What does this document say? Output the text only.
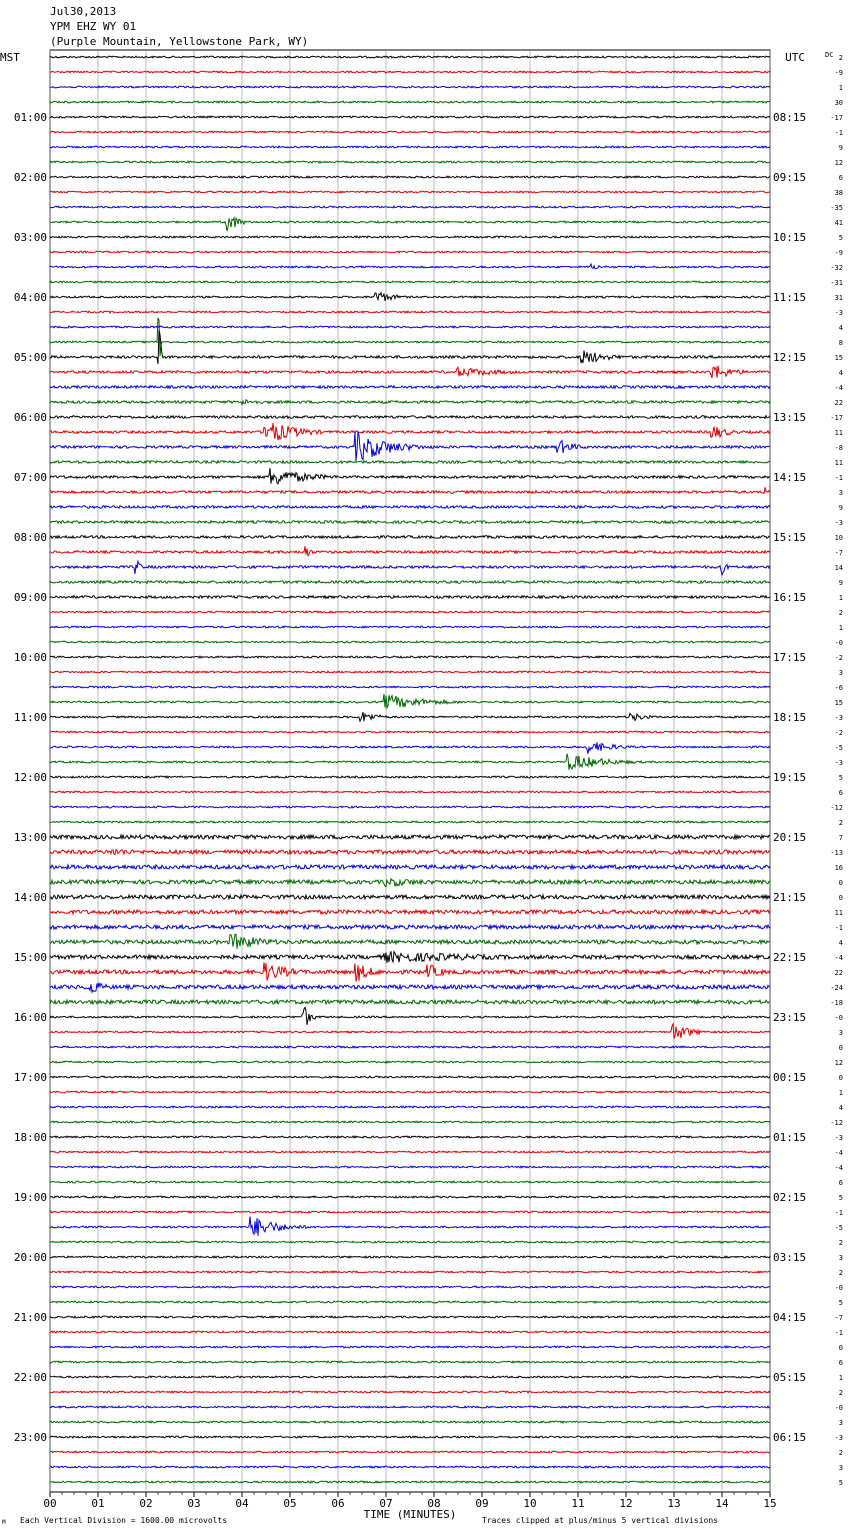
Jul30,2013
YPM EHZ WY 01
(Purple Mountain, Yellowstone Park, WY)
00	01	02	03	04	05	06	07	08	09	10	11	12	13	14	15
TIME (MINUTES)
MST	UTC	DC
01:00
02:00
03:00
04:00
05:00
06:00
07:00
08:00
09:00
10:00
11:00
12:00
13:00
14:00
15:00
16:00
17:00
18:00
19:00
20:00
21:00
22:00
23:00
08:15
09:15
10:15
11:15
12:15
13:15
14:15
15:15
16:15
17:15
18:15
19:15
20:15
21:15
22:15
23:15
00:15
01:15
02:15
03:15
04:15
05:15
06:15
2
-9
1
30
-17
-1
9
12
6
38
-35
41
5
-9
-32
-31
31
-3
4
8
15
4
-4
22
-17
11
-8
11
-1
3
9
-3
10
-7
14
9
1
2
1
-0
-2
3
-6
15
-3
-2
-5
-3
5
6
-12
2
7
-13
16
0
0
11
-1
4
-4
22
-24
-18
-0
3
0
12
0
1
4
-12
-3
-4
-4
6
5
-1
-5
2
3
2
-0
5
-7
-1
0
6
1
2
-0
3
-3
2
3
5
Each Vertical Division = 1600.00 microvolts
M	Traces clipped at plus/minus 5 vertical divisions
